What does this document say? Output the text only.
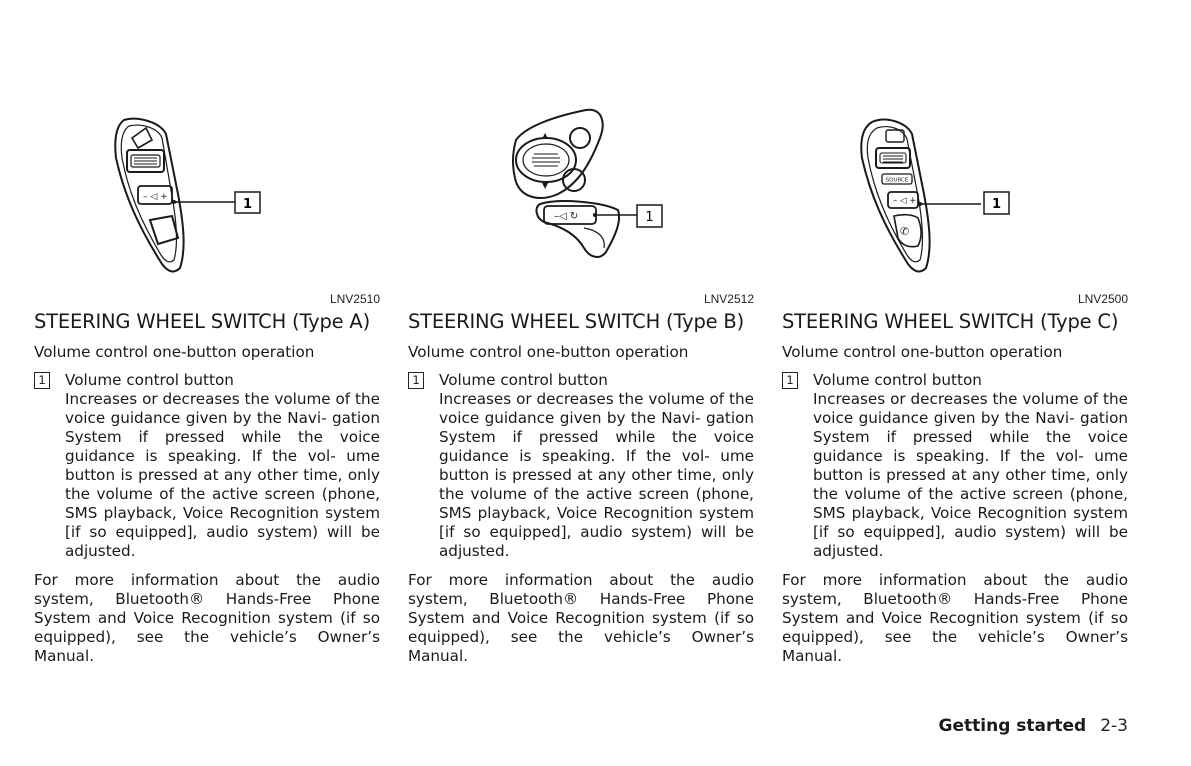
– ◁ +	1
LNV2510
STEERING WHEEL SWITCH (Type A)
Volume control one-button operation
1 Volume control button
Increases or decreases the volume of the voice guidance given by the Navi- gation System if pressed while the voice guidance is speaking. If the vol- ume button is pressed at any other time, only the volume of the active screen (phone, SMS playback, Voice Recognition system [if so equipped], audio system) will be adjusted.
For more information about the audio system, Bluetooth® Hands-Free Phone System and Voice Recognition system (if so equipped), see the vehicle’s Owner’s Manual.
▲
▼
–◁ ↻	1
LNV2512
STEERING WHEEL SWITCH (Type B)
Volume control one-button operation
1 Volume control button
Increases or decreases the volume of the voice guidance given by the Navi- gation System if pressed while the voice guidance is speaking. If the vol- ume button is pressed at any other time, only the volume of the active screen (phone, SMS playback, Voice Recognition system [if so equipped], audio system) will be adjusted.
For more information about the audio system, Bluetooth® Hands-Free Phone System and Voice Recognition system (if so equipped), see the vehicle’s Owner’s Manual.
SOURCE
– ◁ +
✆
1
LNV2500
STEERING WHEEL SWITCH (Type C)
Volume control one-button operation
1 Volume control button
Increases or decreases the volume of the voice guidance given by the Navi- gation System if pressed while the voice guidance is speaking. If the vol- ume button is pressed at any other time, only the volume of the active screen (phone, SMS playback, Voice Recognition system [if so equipped], audio system) will be adjusted.
For more information about the audio system, Bluetooth® Hands-Free Phone System and Voice Recognition system (if so equipped), see the vehicle’s Owner’s Manual.
Getting started 2-3
